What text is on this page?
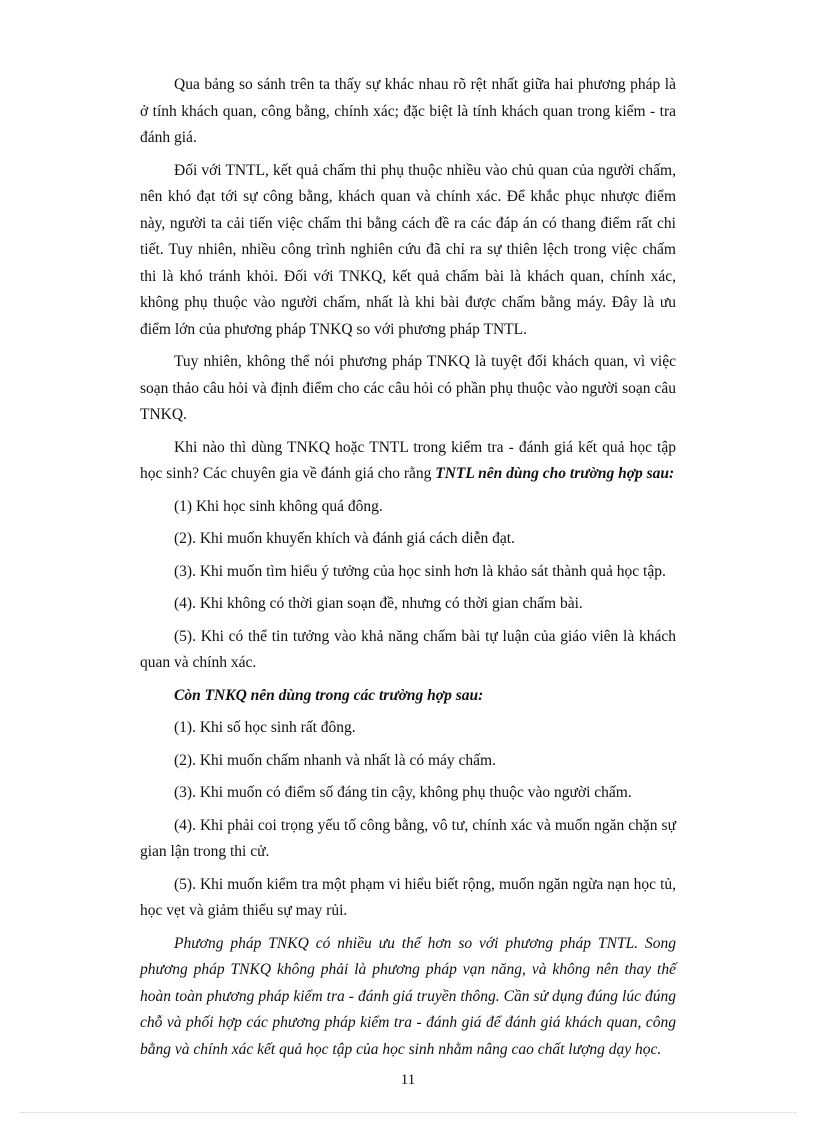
Qua bảng so sánh trên ta thấy sự khác nhau rõ rệt nhất giữa hai phương pháp là ở tính khách quan, công bằng, chính xác; đặc biệt là tính khách quan trong kiểm - tra đánh giá.

Đối với TNTL, kết quả chấm thi phụ thuộc nhiều vào chủ quan của người chấm, nên khó đạt tới sự công bằng, khách quan và chính xác. Để khắc phục nhược điểm này, người ta cải tiến việc chấm thi bằng cách đề ra các đáp án có thang điểm rất chi tiết. Tuy nhiên, nhiều công trình nghiên cứu đã chỉ ra sự thiên lệch trong việc chấm thi là khó tránh khỏi. Đối với TNKQ, kết quả chấm bài là khách quan, chính xác, không phụ thuộc vào người chấm, nhất là khi bài được chấm bằng máy. Đây là ưu điểm lớn của phương pháp TNKQ so với phương pháp TNTL.

Tuy nhiên, không thể nói phương pháp TNKQ là tuyệt đối khách quan, vì việc soạn thảo câu hỏi và định điểm cho các câu hỏi có phần phụ thuộc vào người soạn câu TNKQ.

Khi nào thì dùng TNKQ hoặc TNTL trong kiểm tra - đánh giá kết quả học tập học sinh? Các chuyên gia về đánh giá cho rằng TNTL nên dùng cho trường hợp sau:

(1) Khi học sinh không quá đông.

(2). Khi muốn khuyến khích và đánh giá cách diễn đạt.

(3). Khi muốn tìm hiểu ý tưởng của học sinh hơn là khảo sát thành quả học tập.

(4). Khi không có thời gian soạn đề, nhưng có thời gian chấm bài.

(5). Khi có thể tin tưởng vào khả năng chấm bài tự luận của giáo viên là khách quan và chính xác.

Còn TNKQ nên dùng trong các trường hợp sau:

(1). Khi số học sinh rất đông.

(2). Khi muốn chấm nhanh và nhất là có máy chấm.

(3). Khi muốn có điểm số đáng tin cậy, không phụ thuộc vào người chấm.

(4). Khi phải coi trọng yếu tố công bằng, vô tư, chính xác và muốn ngăn chặn sự gian lận trong thi cử.

(5). Khi muốn kiểm tra một phạm vi hiểu biết rộng, muốn ngăn ngừa nạn học tủ, học vẹt và giảm thiểu sự may rủi.

Phương pháp TNKQ có nhiều ưu thế hơn so với phương pháp TNTL. Song phương pháp TNKQ không phải là phương pháp vạn năng, và không nên thay thế hoàn toàn phương pháp kiểm tra - đánh giá truyền thông. Cần sử dụng đúng lúc đúng chỗ và phối hợp các phương pháp kiểm tra - đánh giá để đánh giá khách quan, công bằng và chính xác kết quả học tập của học sinh nhằm nâng cao chất lượng dạy học.

11
